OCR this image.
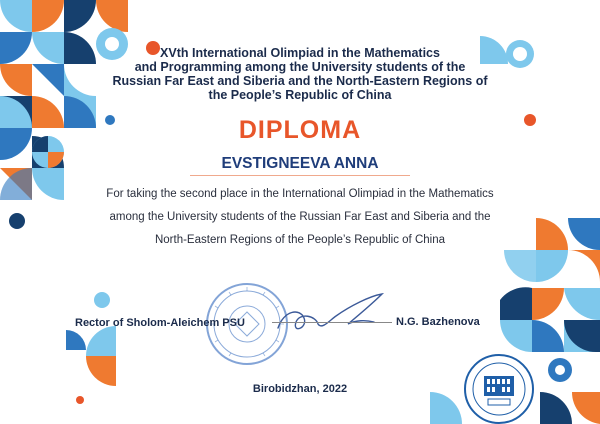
XVth International Olimpiad in the Mathematics
and Programming among the University students of the
Russian Far East and Siberia and the North-Eastern Regions of
the People’s Republic of China
DIPLOMA
EVSTIGNEEVA ANNA
For taking the second place in the International Olimpiad in the Mathematics
among the University students of the Russian Far East and Siberia and the
North-Eastern Regions of the People’s Republic of China
Rector of Sholom-Aleichem PSU	N.G. Bazhenova
Birobidzhan, 2022
